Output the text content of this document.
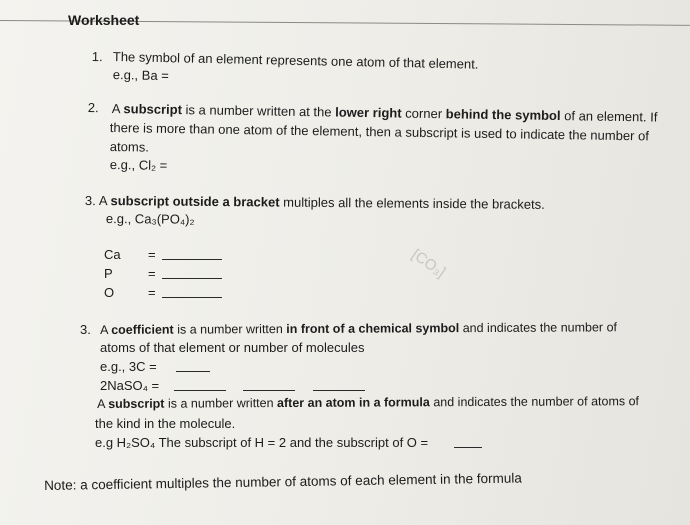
[CO₃]
Worksheet
1. The symbol of an element represents one atom of that element.
e.g., Ba =
2. A subscript is a number written at the lower right corner behind the symbol of an element. If
there is more than one atom of the element, then a subscript is used to indicate the number of
atoms.
e.g., Cl₂ =
3. A subscript outside a bracket multiples all the elements inside the brackets.
e.g., Ca₃(PO₄)₂
Ca =
P	=
O	=
3. A coefficient is a number written in front of a chemical symbol and indicates the number of
atoms of that element or number of molecules
e.g., 3C =
2NaSO₄ =
A subscript is a number written after an atom in a formula and indicates the number of atoms of
the kind in the molecule.
e.g H₂SO₄ The subscript of H = 2 and the subscript of O =
Note: a coefficient multiples the number of atoms of each element in the formula
